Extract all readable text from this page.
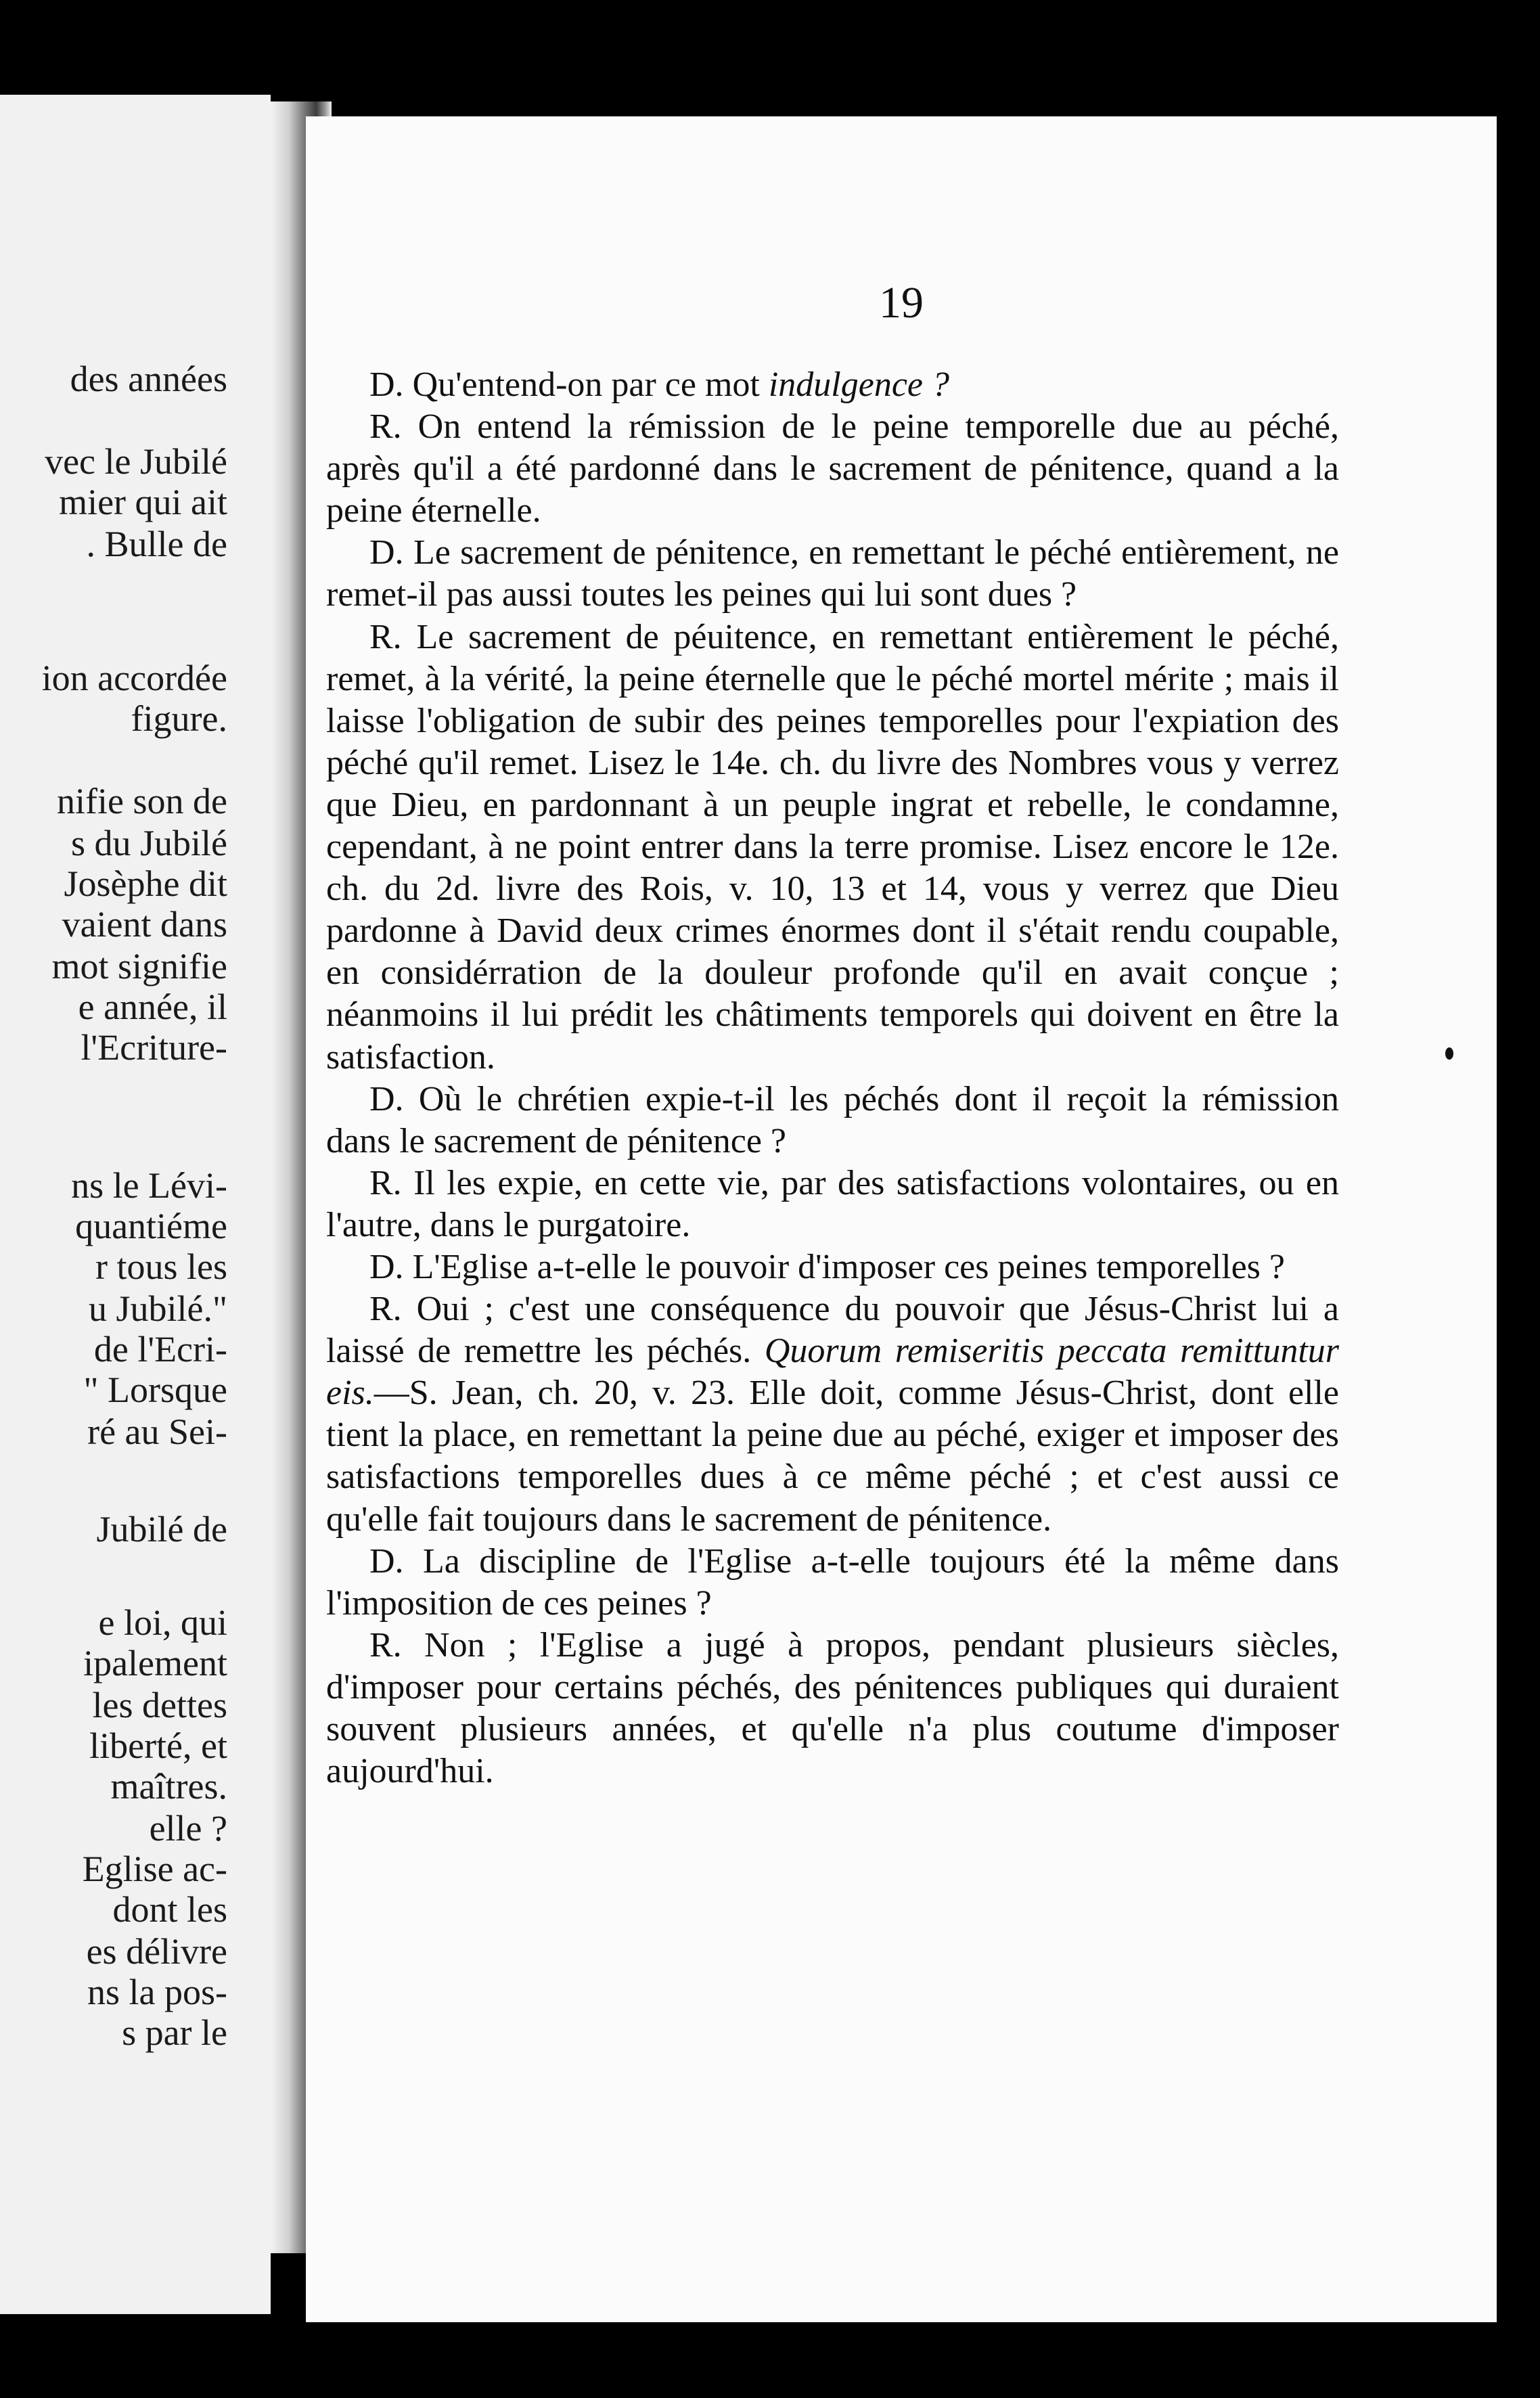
des années
vec le Jubilé
mier qui ait
. Bulle de
ion accordée
figure.
nifie son de
s du Jubilé
Josèphe dit
vaient dans
mot signifie
e année, il
l'Ecriture-
ns le Lévi-
quantiéme
r tous les
u Jubilé."
de l'Ecri-
" Lorsque
ré au Sei-
Jubilé de
e loi, qui
ipalement
les dettes
liberté, et
maîtres.
elle ?
Eglise ac-
dont les
es délivre
ns la pos-
s par le
19

D. Qu'entend-on par ce mot indulgence ?

R. On entend la rémission de le peine temporelle due au péché, après qu'il a été pardonné dans le sacrement de pénitence, quand a la peine éternelle.

D. Le sacrement de pénitence, en remettant le péché entièrement, ne remet-il pas aussi toutes les peines qui lui sont dues ?

R. Le sacrement de péuitence, en remettant entièrement le péché, remet, à la vérité, la peine éternelle que le péché mortel mérite ; mais il laisse l'obligation de subir des peines temporelles pour l'expiation des péché qu'il remet. Lisez le 14e. ch. du livre des Nombres vous y verrez que Dieu, en pardonnant à un peuple ingrat et rebelle, le condamne, cependant, à ne point entrer dans la terre promise. Lisez encore le 12e. ch. du 2d. livre des Rois, v. 10, 13 et 14, vous y verrez que Dieu pardonne à David deux crimes énormes dont il s'était rendu coupable, en considérration de la douleur profonde qu'il en avait conçue ; néanmoins il lui prédit les châtiments temporels qui doivent en être la satisfaction.

D. Où le chrétien expie-t-il les péchés dont il reçoit la rémission dans le sacrement de pénitence ?

R. Il les expie, en cette vie, par des satisfactions volontaires, ou en l'autre, dans le purgatoire.

D. L'Eglise a-t-elle le pouvoir d'imposer ces peines temporelles ?

R. Oui ; c'est une conséquence du pouvoir que Jésus-Christ lui a laissé de remettre les péchés. Quorum remiseritis peccata remittuntur eis.—S. Jean, ch. 20, v. 23. Elle doit, comme Jésus-Christ, dont elle tient la place, en remettant la peine due au péché, exiger et imposer des satisfactions temporelles dues à ce même péché ; et c'est aussi ce qu'elle fait toujours dans le sacrement de pénitence.

D. La discipline de l'Eglise a-t-elle toujours été la même dans l'imposition de ces peines ?

R. Non ; l'Eglise a jugé à propos, pendant plusieurs siècles, d'imposer pour certains péchés, des pénitences publiques qui duraient souvent plusieurs années, et qu'elle n'a plus coutume d'imposer aujourd'hui.
